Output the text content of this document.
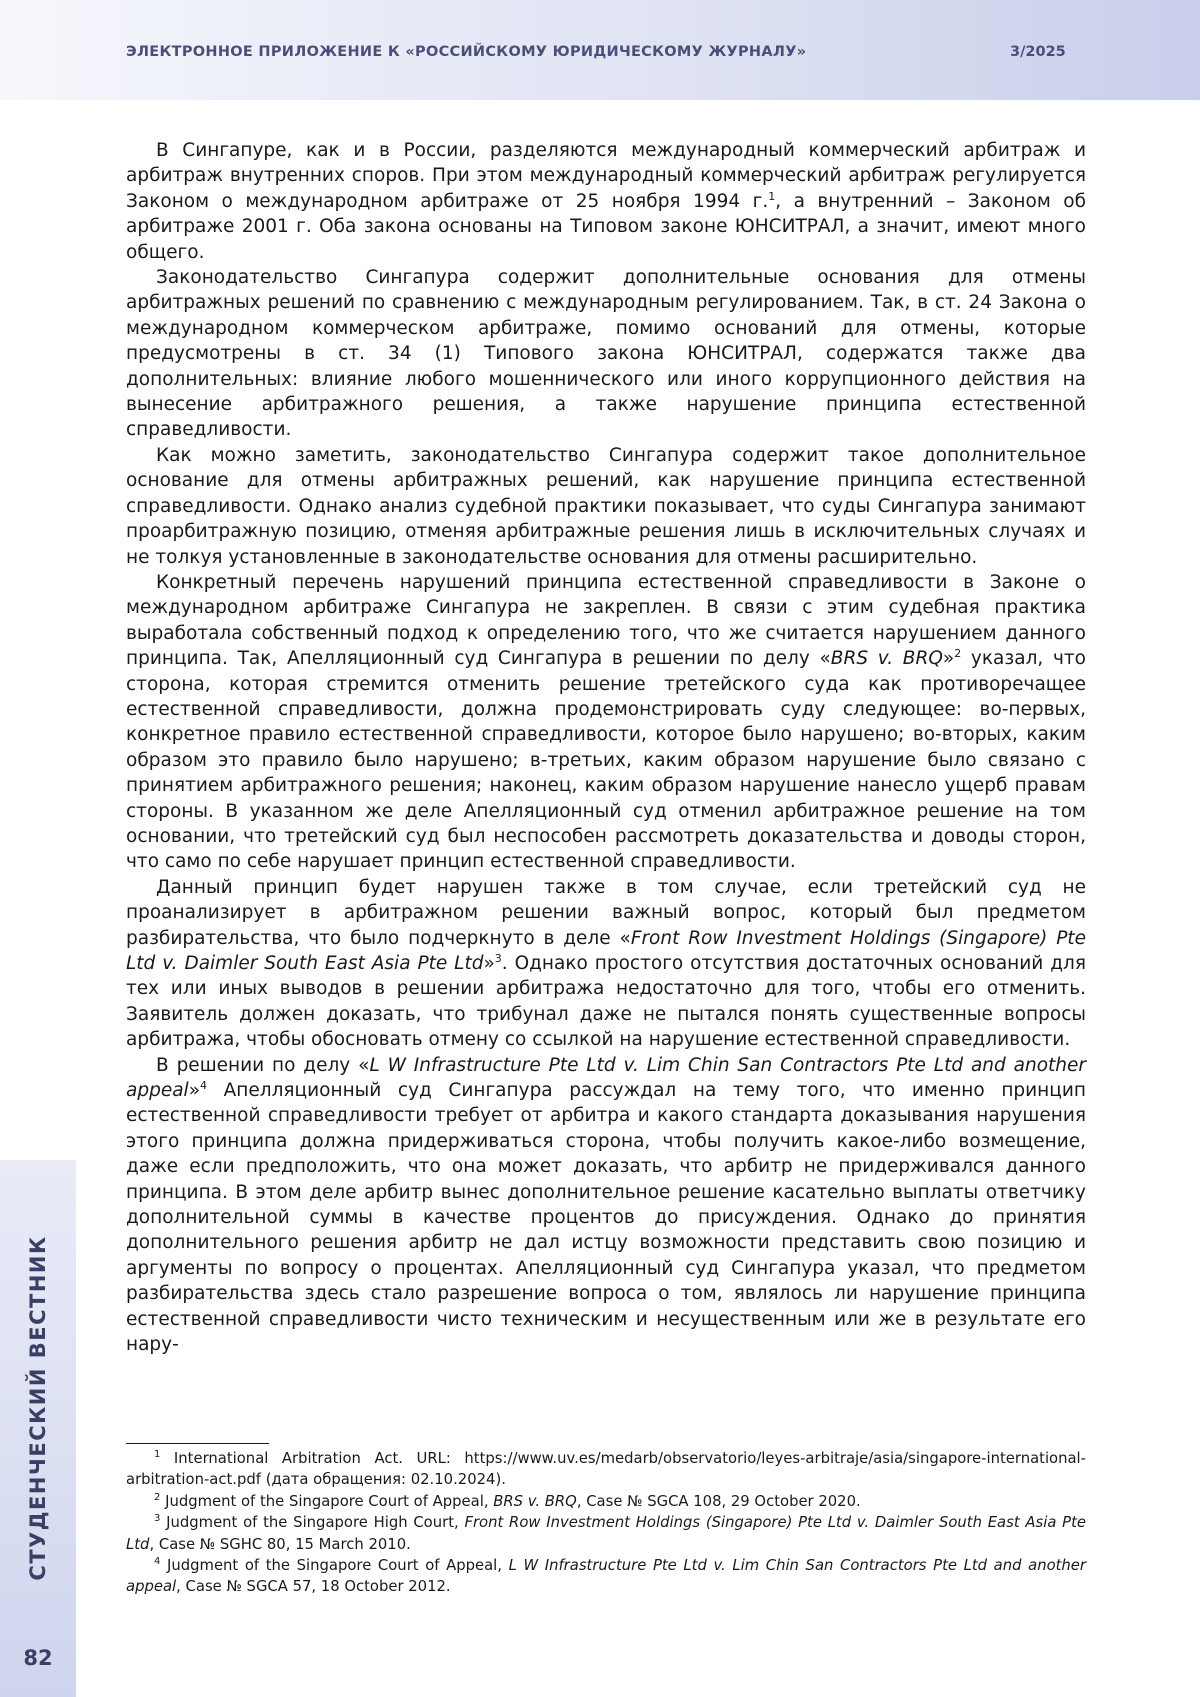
ЭЛЕКТРОННОЕ ПРИЛОЖЕНИЕ К «РОССИЙСКОМУ ЮРИДИЧЕСКОМУ ЖУРНАЛУ»	3/2025
СТУДЕНЧЕСКИЙ ВЕСТНИК
82

В Сингапуре, как и в России, разделяются международный коммерческий арбитраж и арбитраж внутренних споров. При этом международный коммерческий арбитраж регулируется Законом о международном арбитраже от 25 ноября 1994 г.1, а внутренний – Законом об арбитраже 2001 г. Оба закона основаны на Типовом законе ЮНСИТРАЛ, а значит, имеют много общего.

Законодательство Сингапура содержит дополнительные основания для отмены арбитражных решений по сравнению с международным регулированием. Так, в ст. 24 Закона о международном коммерческом арбитраже, помимо оснований для отмены, которые предусмотрены в ст. 34 (1) Типового закона ЮНСИТРАЛ, содержатся также два дополнительных: влияние любого мошеннического или иного коррупционного действия на вынесение арбитражного решения, а также нарушение принципа естественной справедливости.

Как можно заметить, законодательство Сингапура содержит такое дополнительное основание для отмены арбитражных решений, как нарушение принципа естественной справедливости. Однако анализ судебной практики показывает, что суды Сингапура занимают проарбитражную позицию, отменяя арбитражные решения лишь в исключительных случаях и не толкуя установленные в законодательстве основания для отмены расширительно.

Конкретный перечень нарушений принципа естественной справедливости в Законе о международном арбитраже Сингапура не закреплен. В связи с этим судебная практика выработала собственный подход к определению того, что же считается нарушением данного принципа. Так, Апелляционный суд Сингапура в решении по делу «BRS v. BRQ»2 указал, что сторона, которая стремится отменить решение третейского суда как противоречащее естественной справедливости, должна продемонстрировать суду следующее: во-первых, конкретное правило естественной справедливости, которое было нарушено; во-вторых, каким образом это правило было нарушено; в-третьих, каким образом нарушение было связано с принятием арбитражного решения; наконец, каким образом нарушение нанесло ущерб правам стороны. В указанном же деле Апелляционный суд отменил арбитражное решение на том основании, что третейский суд был неспособен рассмотреть доказательства и доводы сторон, что само по себе нарушает принцип естественной справедливости.

Данный принцип будет нарушен также в том случае, если третейский суд не проанализирует в арбитражном решении важный вопрос, который был предметом разбирательства, что было подчеркнуто в деле «Front Row Investment Holdings (Singapore) Pte Ltd v. Daimler South East Asia Pte Ltd»3. Однако простого отсутствия достаточных оснований для тех или иных выводов в решении арбитража недостаточно для того, чтобы его отменить. Заявитель должен доказать, что трибунал даже не пытался понять существенные вопросы арбитража, чтобы обосновать отмену со ссылкой на нарушение естественной справедливости.

В решении по делу «L W Infrastructure Pte Ltd v. Lim Chin San Contractors Pte Ltd and another appeal»4 Апелляционный суд Сингапура рассуждал на тему того, что именно принцип естественной справедливости требует от арбитра и какого стандарта доказывания нарушения этого принципа должна придерживаться сторона, чтобы получить какое-либо возмещение, даже если предположить, что она может доказать, что арбитр не придерживался данного принципа. В этом деле арбитр вынес дополнительное решение касательно выплаты ответчику дополнительной суммы в качестве процентов до присуждения. Однако до принятия дополнительного решения арбитр не дал истцу возможности представить свою позицию и аргументы по вопросу о процентах. Апелляционный суд Сингапура указал, что предметом разбирательства здесь стало разрешение вопроса о том, являлось ли нарушение принципа естественной справедливости чисто техническим и несущественным или же в результате его нару-

1 International Arbitration Act. URL: https://www.uv.es/medarb/observatorio/leyes-arbitraje/asia/singapore-international-arbitration-act.pdf (дата обращения: 02.10.2024).

2 Judgment of the Singapore Court of Appeal, BRS v. BRQ, Case № SGCA 108, 29 October 2020.

3 Judgment of the Singapore High Court, Front Row Investment Holdings (Singapore) Pte Ltd v. Daimler South East Asia Pte Ltd, Case № SGHC 80, 15 March 2010.

4 Judgment of the Singapore Court of Appeal, L W Infrastructure Pte Ltd v. Lim Chin San Contractors Pte Ltd and another appeal, Case № SGCA 57, 18 October 2012.
